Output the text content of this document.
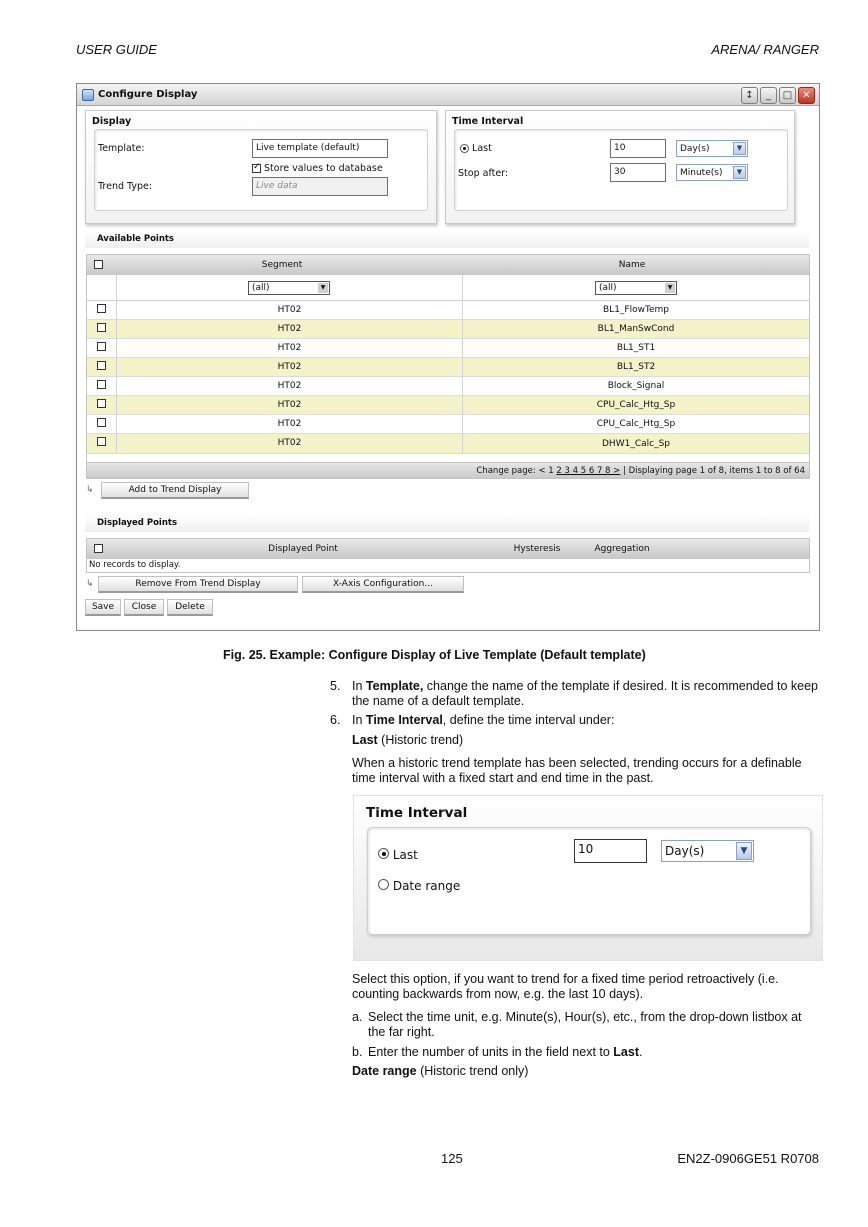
USER GUIDE	ARENA/ RANGER
Configure Display	↕	_	□	✕
Display
Template:	Live template (default)
✓ Store values to database
Trend Type:	Live data
Time Interval
Last	10	Day(s)	▼
Stop after:	30	Minute(s)	▼
Available Points
Segment	Name
(all)	▼	(all)	▼
HT02	BL1_FlowTemp
HT02	BL1_ManSwCond
HT02	BL1_ST1
HT02	BL1_ST2
HT02	Block_Signal
HT02	CPU_Calc_Htg_Sp
HT02	CPU_Calc_Htg_Sp
HT02	DHW1_Calc_Sp
Change page: < 1 2 3 4 5 6 7 8 > | Displaying page 1 of 8, items 1 to 8 of 64
↳	Add to Trend Display
Displayed Points
Displayed Point	Hysteresis	Aggregation
No records to display.
↳	Remove From Trend Display	X-Axis Configuration...
Save	Close	Delete
Fig. 25. Example: Configure Display of Live Template (Default template)
5. In Template, change the name of the template if desired. It is recommended to keep the name of a default template.
6. In Time Interval, define the time interval under:
Last (Historic trend)
When a historic trend template has been selected, trending occurs for a definable time interval with a fixed start and end time in the past.
Time Interval
Last	10	Day(s)	▼
Date range
Select this option, if you want to trend for a fixed time period retroactively (i.e. counting backwards from now, e.g. the last 10 days).
a. Select the time unit, e.g. Minute(s), Hour(s), etc., from the drop-down listbox at the far right.
b. Enter the number of units in the field next to Last.
Date range (Historic trend only)
125	EN2Z-0906GE51 R0708
